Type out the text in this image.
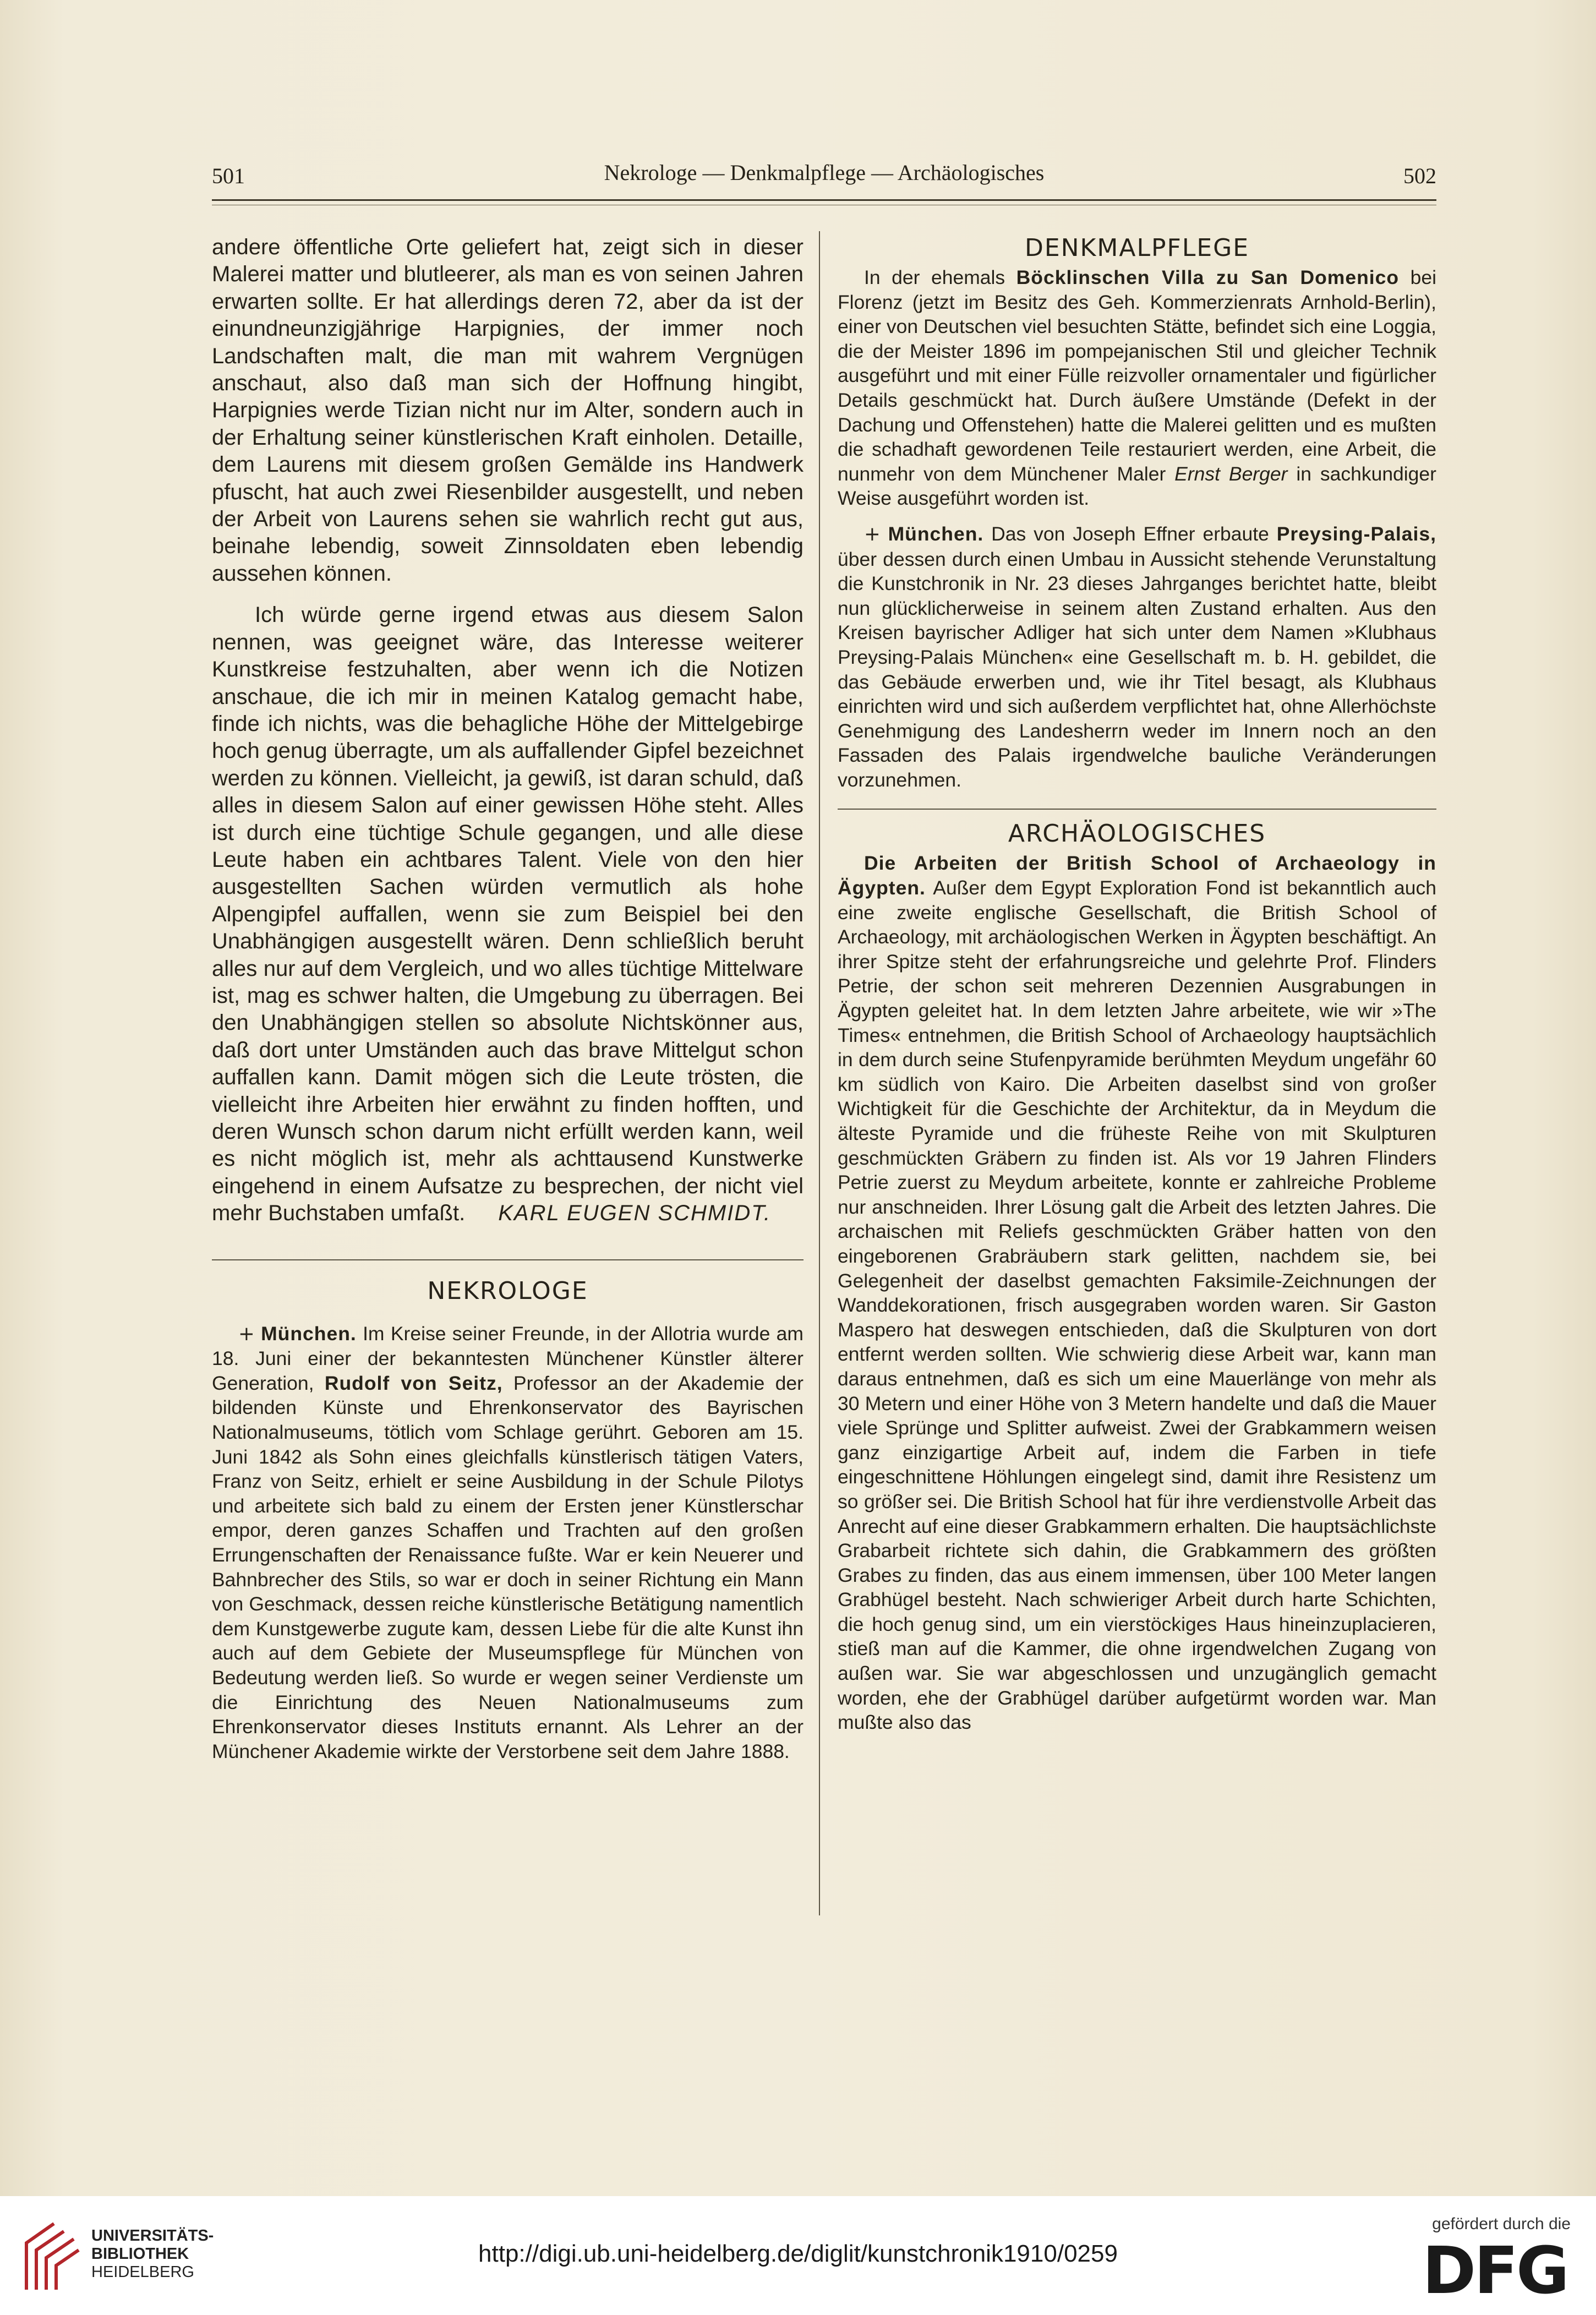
501	Nekrologe — Denkmalpflege — Archäologisches	502

andere öffentliche Orte geliefert hat, zeigt sich in dieser Malerei matter und blutleerer, als man es von seinen Jahren erwarten sollte. Er hat allerdings deren 72, aber da ist der einundneunzigjährige Harpignies, der immer noch Landschaften malt, die man mit wahrem Vergnügen anschaut, also daß man sich der Hoffnung hingibt, Harpignies werde Tizian nicht nur im Alter, sondern auch in der Erhaltung seiner künstlerischen Kraft einholen. Detaille, dem Laurens mit diesem großen Gemälde ins Handwerk pfuscht, hat auch zwei Riesenbilder ausgestellt, und neben der Arbeit von Laurens sehen sie wahrlich recht gut aus, beinahe lebendig, soweit Zinnsoldaten eben lebendig aussehen können.

Ich würde gerne irgend etwas aus diesem Salon nennen, was geeignet wäre, das Interesse weiterer Kunstkreise festzuhalten, aber wenn ich die Notizen anschaue, die ich mir in meinen Katalog gemacht habe, finde ich nichts, was die behagliche Höhe der Mittelgebirge hoch genug überragte, um als auffallender Gipfel bezeichnet werden zu können. Vielleicht, ja gewiß, ist daran schuld, daß alles in diesem Salon auf einer gewissen Höhe steht. Alles ist durch eine tüchtige Schule gegangen, und alle diese Leute haben ein achtbares Talent. Viele von den hier ausgestellten Sachen würden vermutlich als hohe Alpengipfel auffallen, wenn sie zum Beispiel bei den Unabhängigen ausgestellt wären. Denn schließlich beruht alles nur auf dem Vergleich, und wo alles tüchtige Mittelware ist, mag es schwer halten, die Umgebung zu überragen. Bei den Unabhängigen stellen so absolute Nichtskönner aus, daß dort unter Umständen auch das brave Mittelgut schon auffallen kann. Damit mögen sich die Leute trösten, die vielleicht ihre Arbeiten hier erwähnt zu finden hofften, und deren Wunsch schon darum nicht erfüllt werden kann, weil es nicht möglich ist, mehr als achttausend Kunstwerke eingehend in einem Aufsatze zu besprechen, der nicht viel mehr Buchstaben umfaßt. KARL EUGEN SCHMIDT.

NEKROLOGE

+ München. Im Kreise seiner Freunde, in der Allotria wurde am 18. Juni einer der bekanntesten Münchener Künstler älterer Generation, Rudolf von Seitz, Professor an der Akademie der bildenden Künste und Ehrenkonservator des Bayrischen Nationalmuseums, tötlich vom Schlage gerührt. Geboren am 15. Juni 1842 als Sohn eines gleichfalls künstlerisch tätigen Vaters, Franz von Seitz, erhielt er seine Ausbildung in der Schule Pilotys und arbeitete sich bald zu einem der Ersten jener Künstlerschar empor, deren ganzes Schaffen und Trachten auf den großen Errungenschaften der Renaissance fußte. War er kein Neuerer und Bahnbrecher des Stils, so war er doch in seiner Richtung ein Mann von Geschmack, dessen reiche künstlerische Betätigung namentlich dem Kunstgewerbe zugute kam, dessen Liebe für die alte Kunst ihn auch auf dem Gebiete der Museumspflege für München von Bedeutung werden ließ. So wurde er wegen seiner Verdienste um die Einrichtung des Neuen Nationalmuseums zum Ehrenkonservator dieses Instituts ernannt. Als Lehrer an der Münchener Akademie wirkte der Verstorbene seit dem Jahre 1888.

DENKMALPFLEGE

In der ehemals Böcklinschen Villa zu San Domenico bei Florenz (jetzt im Besitz des Geh. Kommerzienrats Arnhold-Berlin), einer von Deutschen viel besuchten Stätte, befindet sich eine Loggia, die der Meister 1896 im pompejanischen Stil und gleicher Technik ausgeführt und mit einer Fülle reizvoller ornamentaler und figürlicher Details geschmückt hat. Durch äußere Umstände (Defekt in der Dachung und Offenstehen) hatte die Malerei gelitten und es mußten die schadhaft gewordenen Teile restauriert werden, eine Arbeit, die nunmehr von dem Münchener Maler Ernst Berger in sachkundiger Weise ausgeführt worden ist.

+ München. Das von Joseph Effner erbaute Preysing-Palais, über dessen durch einen Umbau in Aussicht stehende Verunstaltung die Kunstchronik in Nr. 23 dieses Jahrganges berichtet hatte, bleibt nun glücklicherweise in seinem alten Zustand erhalten. Aus den Kreisen bayrischer Adliger hat sich unter dem Namen »Klubhaus Preysing-Palais München« eine Gesellschaft m. b. H. gebildet, die das Gebäude erwerben und, wie ihr Titel besagt, als Klubhaus einrichten wird und sich außerdem verpflichtet hat, ohne Allerhöchste Genehmigung des Landesherrn weder im Innern noch an den Fassaden des Palais irgendwelche bauliche Veränderungen vorzunehmen.

ARCHÄOLOGISCHES

Die Arbeiten der British School of Archaeology in Ägypten. Außer dem Egypt Exploration Fond ist bekanntlich auch eine zweite englische Gesellschaft, die British School of Archaeology, mit archäologischen Werken in Ägypten beschäftigt. An ihrer Spitze steht der erfahrungsreiche und gelehrte Prof. Flinders Petrie, der schon seit mehreren Dezennien Ausgrabungen in Ägypten geleitet hat. In dem letzten Jahre arbeitete, wie wir »The Times« entnehmen, die British School of Archaeology hauptsächlich in dem durch seine Stufenpyramide berühmten Meydum ungefähr 60 km südlich von Kairo. Die Arbeiten daselbst sind von großer Wichtigkeit für die Geschichte der Architektur, da in Meydum die älteste Pyramide und die früheste Reihe von mit Skulpturen geschmückten Gräbern zu finden ist. Als vor 19 Jahren Flinders Petrie zuerst zu Meydum arbeitete, konnte er zahlreiche Probleme nur anschneiden. Ihrer Lösung galt die Arbeit des letzten Jahres. Die archaischen mit Reliefs geschmückten Gräber hatten von den eingeborenen Grabräubern stark gelitten, nachdem sie, bei Gelegenheit der daselbst gemachten Faksimile-Zeichnungen der Wanddekorationen, frisch ausgegraben worden waren. Sir Gaston Maspero hat deswegen entschieden, daß die Skulpturen von dort entfernt werden sollten. Wie schwierig diese Arbeit war, kann man daraus entnehmen, daß es sich um eine Mauerlänge von mehr als 30 Metern und einer Höhe von 3 Metern handelte und daß die Mauer viele Sprünge und Splitter aufweist. Zwei der Grabkammern weisen ganz einzigartige Arbeit auf, indem die Farben in tiefe eingeschnittene Höhlungen eingelegt sind, damit ihre Resistenz um so größer sei. Die British School hat für ihre verdienstvolle Arbeit das Anrecht auf eine dieser Grabkammern erhalten. Die hauptsächlichste Grabarbeit richtete sich dahin, die Grabkammern des größten Grabes zu finden, das aus einem immensen, über 100 Meter langen Grabhügel besteht. Nach schwieriger Arbeit durch harte Schichten, die hoch genug sind, um ein vierstöckiges Haus hineinzuplacieren, stieß man auf die Kammer, die ohne irgendwelchen Zugang von außen war. Sie war abgeschlossen und unzugänglich gemacht worden, ehe der Grabhügel darüber aufgetürmt worden war. Man mußte also das

UNIVERSITÄTS-
BIBLIOTHEK
HEIDELBERG
http://digi.ub.uni-heidelberg.de/diglit/kunstchronik1910/0259
gefördert durch die
DFG
